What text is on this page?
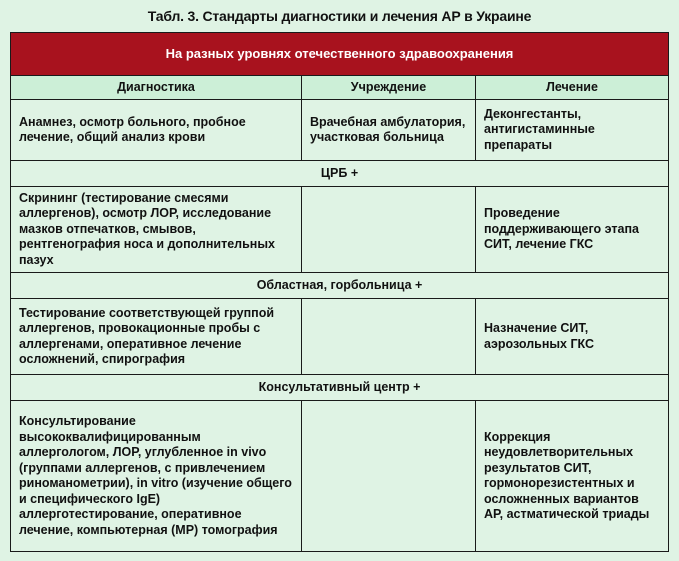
Табл. 3. Стандарты диагностики и лечения АР в Украине
На разных уровнях отечественного здравоохранения		
Диагностика	Учреждение	Лечение
Анамнез, осмотр больного, пробное лечение, общий анализ крови	Врачебная амбулатория, участковая больница	Деконгестанты, антигистаминные препараты
ЦРБ +		
Скрининг (тестирование смесями аллергенов), осмотр ЛОР, исследование мазков отпечатков, смывов, рентгенография носа и дополнительных пазух		Проведение поддерживающего этапа СИТ, лечение ГКС
Областная, горбольница +		
Тестирование соответствующей группой аллергенов, провокационные пробы с аллергенами, оперативное лечение осложнений, спирография		Назначение СИТ, аэрозольных ГКС
Консультативный центр +		
Консультирование высококвалифицированным аллергологом, ЛОР, углубленное in vivo (группами аллергенов, с привлечением риноманометрии), in vitro (изучение общего и специфического IgE) аллерготестирование, оперативное лечение, компьютерная (МР) томография		Коррекция неудовлетворительных результатов СИТ, гормонорезистентных и осложненных вариантов АР, астматической триады
